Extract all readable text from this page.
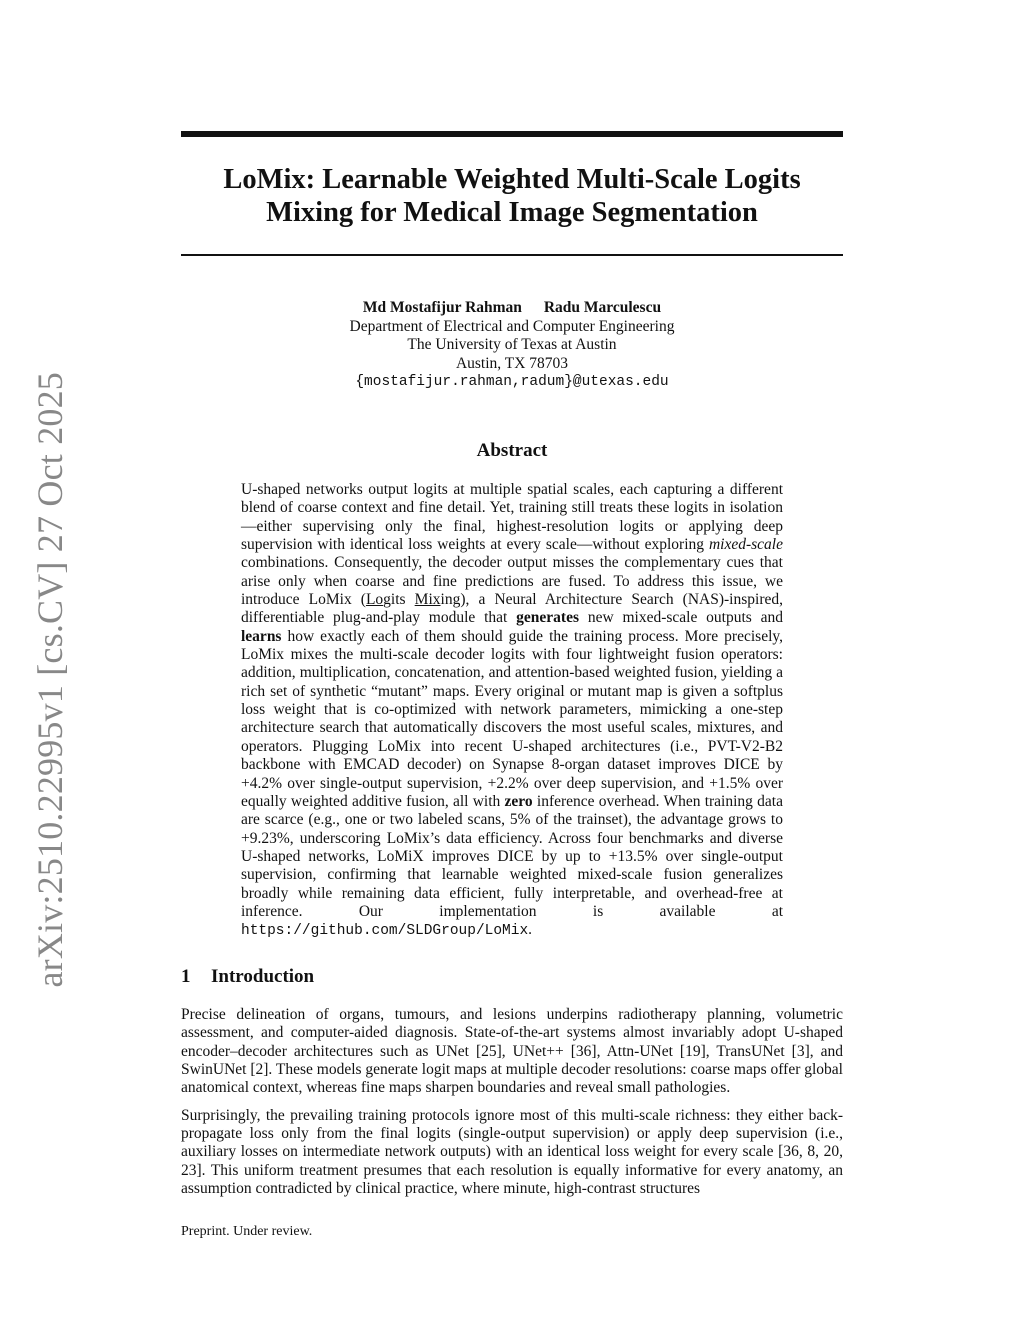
arXiv:2510.22995v1 [cs.CV] 27 Oct 2025
LoMix: Learnable Weighted Multi-Scale Logits
Mixing for Medical Image Segmentation
Md Mostafijur Rahman Radu Marculescu
Department of Electrical and Computer Engineering
The University of Texas at Austin
Austin, TX 78703
{mostafijur.rahman,radum}@utexas.edu
Abstract

U-shaped networks output logits at multiple spatial scales, each capturing a different blend of coarse context and fine detail. Yet, training still treats these logits in isolation—either supervising only the final, highest-resolution logits or applying deep supervision with identical loss weights at every scale—without exploring mixed-scale combinations. Consequently, the decoder output misses the complementary cues that arise only when coarse and fine predictions are fused. To address this issue, we introduce LoMix (Logits Mixing), a Neural Architecture Search (NAS)-inspired, differentiable plug-and-play module that generates new mixed-scale outputs and learns how exactly each of them should guide the training process. More precisely, LoMix mixes the multi-scale decoder logits with four lightweight fusion operators: addition, multiplication, concatenation, and attention-based weighted fusion, yielding a rich set of synthetic “mutant” maps. Every original or mutant map is given a softplus loss weight that is co-optimized with network parameters, mimicking a one-step architecture search that automatically discovers the most useful scales, mixtures, and operators. Plugging LoMix into recent U-shaped architectures (i.e., PVT-V2-B2 backbone with EMCAD decoder) on Synapse 8-organ dataset improves DICE by +4.2% over single-output supervision, +2.2% over deep supervision, and +1.5% over equally weighted additive fusion, all with zero inference overhead. When training data are scarce (e.g., one or two labeled scans, 5% of the trainset), the advantage grows to +9.23%, underscoring LoMix’s data efficiency. Across four benchmarks and diverse U-shaped networks, LoMiX improves DICE by up to +13.5% over single-output supervision, confirming that learnable weighted mixed-scale fusion generalizes broadly while remaining data efficient, fully interpretable, and overhead-free at inference. Our implementation is available at https://github.com/SLDGroup/LoMix.

1 Introduction

Precise delineation of organs, tumours, and lesions underpins radiotherapy planning, volumetric assessment, and computer-aided diagnosis. State-of-the-art systems almost invariably adopt U-shaped encoder–decoder architectures such as UNet [25], UNet++ [36], Attn-UNet [19], TransUNet [3], and SwinUNet [2]. These models generate logit maps at multiple decoder resolutions: coarse maps offer global anatomical context, whereas fine maps sharpen boundaries and reveal small pathologies.

Surprisingly, the prevailing training protocols ignore most of this multi-scale richness: they either back-propagate loss only from the final logits (single-output supervision) or apply deep supervision (i.e., auxiliary losses on intermediate network outputs) with an identical loss weight for every scale [36, 8, 20, 23]. This uniform treatment presumes that each resolution is equally informative for every anatomy, an assumption contradicted by clinical practice, where minute, high-contrast structures

Preprint. Under review.
